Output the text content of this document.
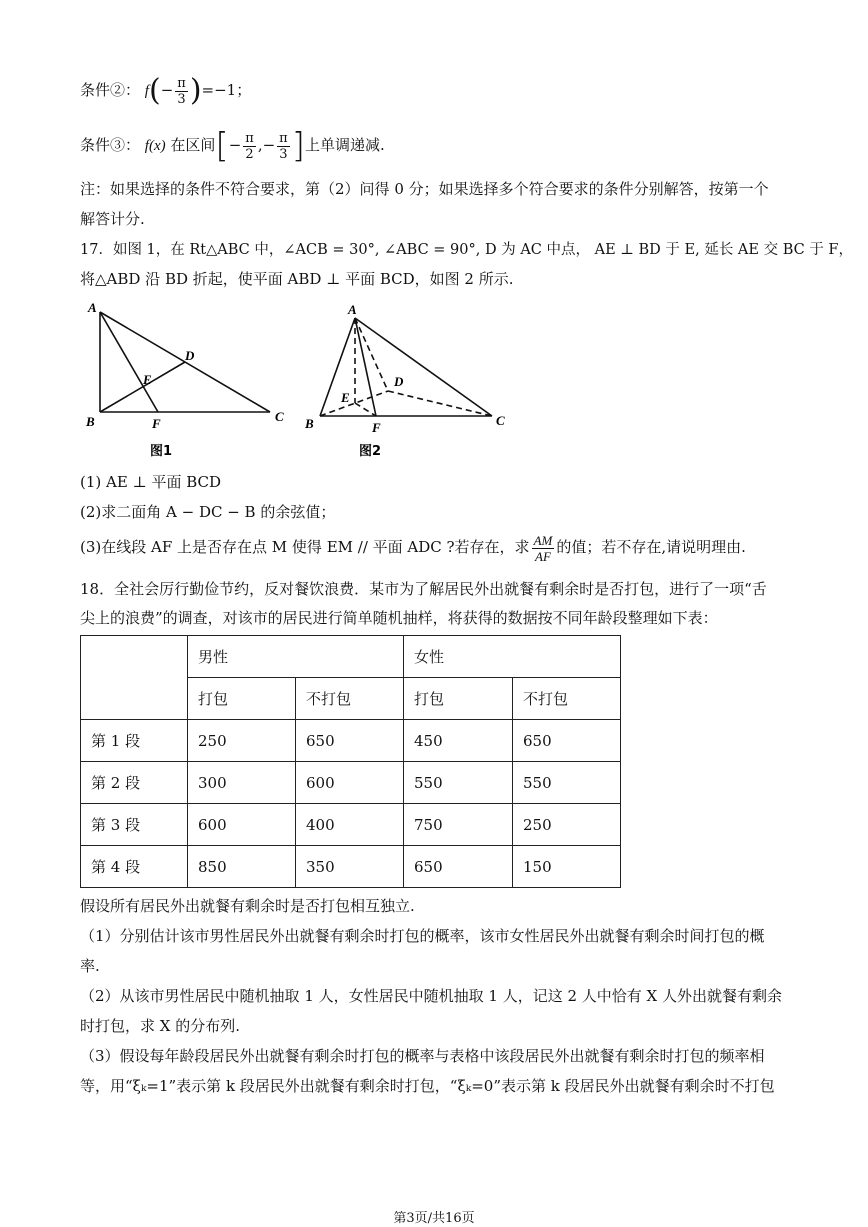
条件②： $f(- \frac{\pi}{3} )=-1$；
条件③： f(x) 在区间[− $\frac{\pi}{2}$ ,− $\frac{\pi}{3}$ ]上单调递减.
注：如果选择的条件不符合要求，第（2）问得 0 分；如果选择多个符合要求的条件分别解答，按第一个
解答计分.
17．如图 1，在 Rt△ABC 中，∠ACB = 30°, ∠ABC = 90°, D 为 AC 中点， AE ⊥ BD 于 E, 延长 AE 交 BC 于 F，
将△ABD 沿 BD 折起，使平面 ABD ⊥ 平面 BCD，如图 2 所示.
A
B	C
D
E
F
图1
A
B	C
D
E
F
图2
(1) AE ⊥ 平面 BCD
(2)求二面角 A − DC − B 的余弦值；
(3)在线段 AF 上是否存在点 M 使得 EM // 平面 ADC ?若存在，求 $\frac{AM}{AF}$ 的值；若不存在,请说明理由.
18．全社会厉行勤俭节约，反对餐饮浪费．某市为了解居民外出就餐有剩余时是否打包，进行了一项“舌
尖上的浪费”的调查，对该市的居民进行简单随机抽样，将获得的数据按不同年龄段整理如下表：
	男性		女性	
	打包	不打包	打包	不打包
第 1 段	250	650	450	650
第 2 段	300	600	550	550
第 3 段	600	400	750	250
第 4 段	850	350	650	150
假设所有居民外出就餐有剩余时是否打包相互独立.
（1）分别估计该市男性居民外出就餐有剩余时打包的概率，该市女性居民外出就餐有剩余时间打包的概
率.
（2）从该市男性居民中随机抽取 1 人，女性居民中随机抽取 1 人，记这 2 人中恰有 X 人外出就餐有剩余
时打包，求 X 的分布列.
（3）假设每年龄段居民外出就餐有剩余时打包的概率与表格中该段居民外出就餐有剩余时打包的频率相
等，用“ξₖ=1”表示第 k 段居民外出就餐有剩余时打包，“ξₖ=0”表示第 k 段居民外出就餐有剩余时不打包
第3页/共16页
